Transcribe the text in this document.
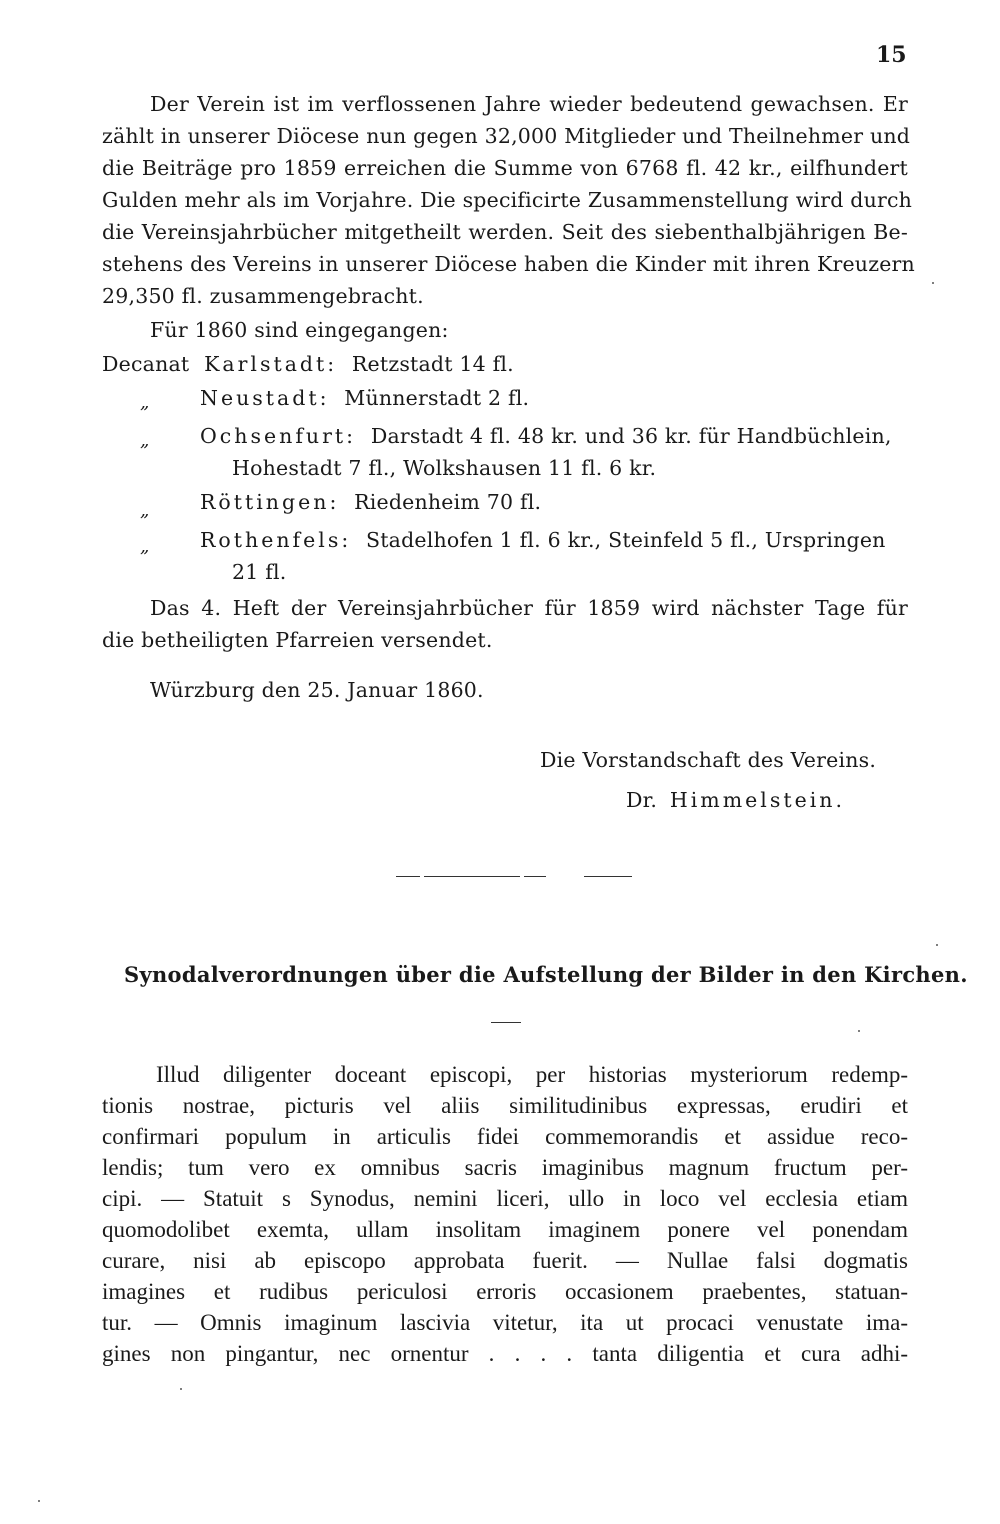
15
Der Verein ist im verflossenen Jahre wieder bedeutend gewachsen. Er
zählt in unserer Diöcese nun gegen 32,000 Mitglieder und Theilnehmer und
die Beiträge pro 1859 erreichen die Summe von 6768 fl. 42 kr., eilfhundert
Gulden mehr als im Vorjahre. Die specificirte Zusammenstellung wird durch
die Vereinsjahrbücher mitgetheilt werden. Seit des siebenthalbjährigen Be-
stehens des Vereins in unserer Diöcese haben die Kinder mit ihren Kreuzern
29,350 fl. zusammengebracht.
Für 1860 sind eingegangen:
Decanat Karlstadt: Retzstadt 14 fl.
„ Neustadt: Münnerstadt 2 fl.
„ Ochsenfurt: Darstadt 4 fl. 48 kr. und 36 kr. für Handbüchlein,
Hohestadt 7 fl., Wolkshausen 11 fl. 6 kr.
„ Röttingen: Riedenheim 70 fl.
„ Rothenfels: Stadelhofen 1 fl. 6 kr., Steinfeld 5 fl., Urspringen
21 fl.
Das 4. Heft der Vereinsjahrbücher für 1859 wird nächster Tage für
die betheiligten Pfarreien versendet.
Würzburg den 25. Januar 1860.
Die Vorstandschaft des Vereins.
Dr. Himmelstein.
Synodalverordnungen über die Aufstellung der Bilder in den Kirchen.
Illud diligenter doceant episcopi, per historias mysteriorum redemp-
tionis nostrae, picturis vel aliis similitudinibus expressas, erudiri et
confirmari populum in articulis fidei commemorandis et assidue reco-
lendis; tum vero ex omnibus sacris imaginibus magnum fructum per-
cipi. — Statuit s Synodus, nemini liceri, ullo in loco vel ecclesia etiam
quomodolibet exemta, ullam insolitam imaginem ponere vel ponendam
curare, nisi ab episcopo approbata fuerit. — Nullae falsi dogmatis
imagines et rudibus periculosi erroris occasionem praebentes, statuan-
tur. — Omnis imaginum lascivia vitetur, ita ut procaci venustate ima-
gines non pingantur, nec ornentur . . . . tanta diligentia et cura adhi-
